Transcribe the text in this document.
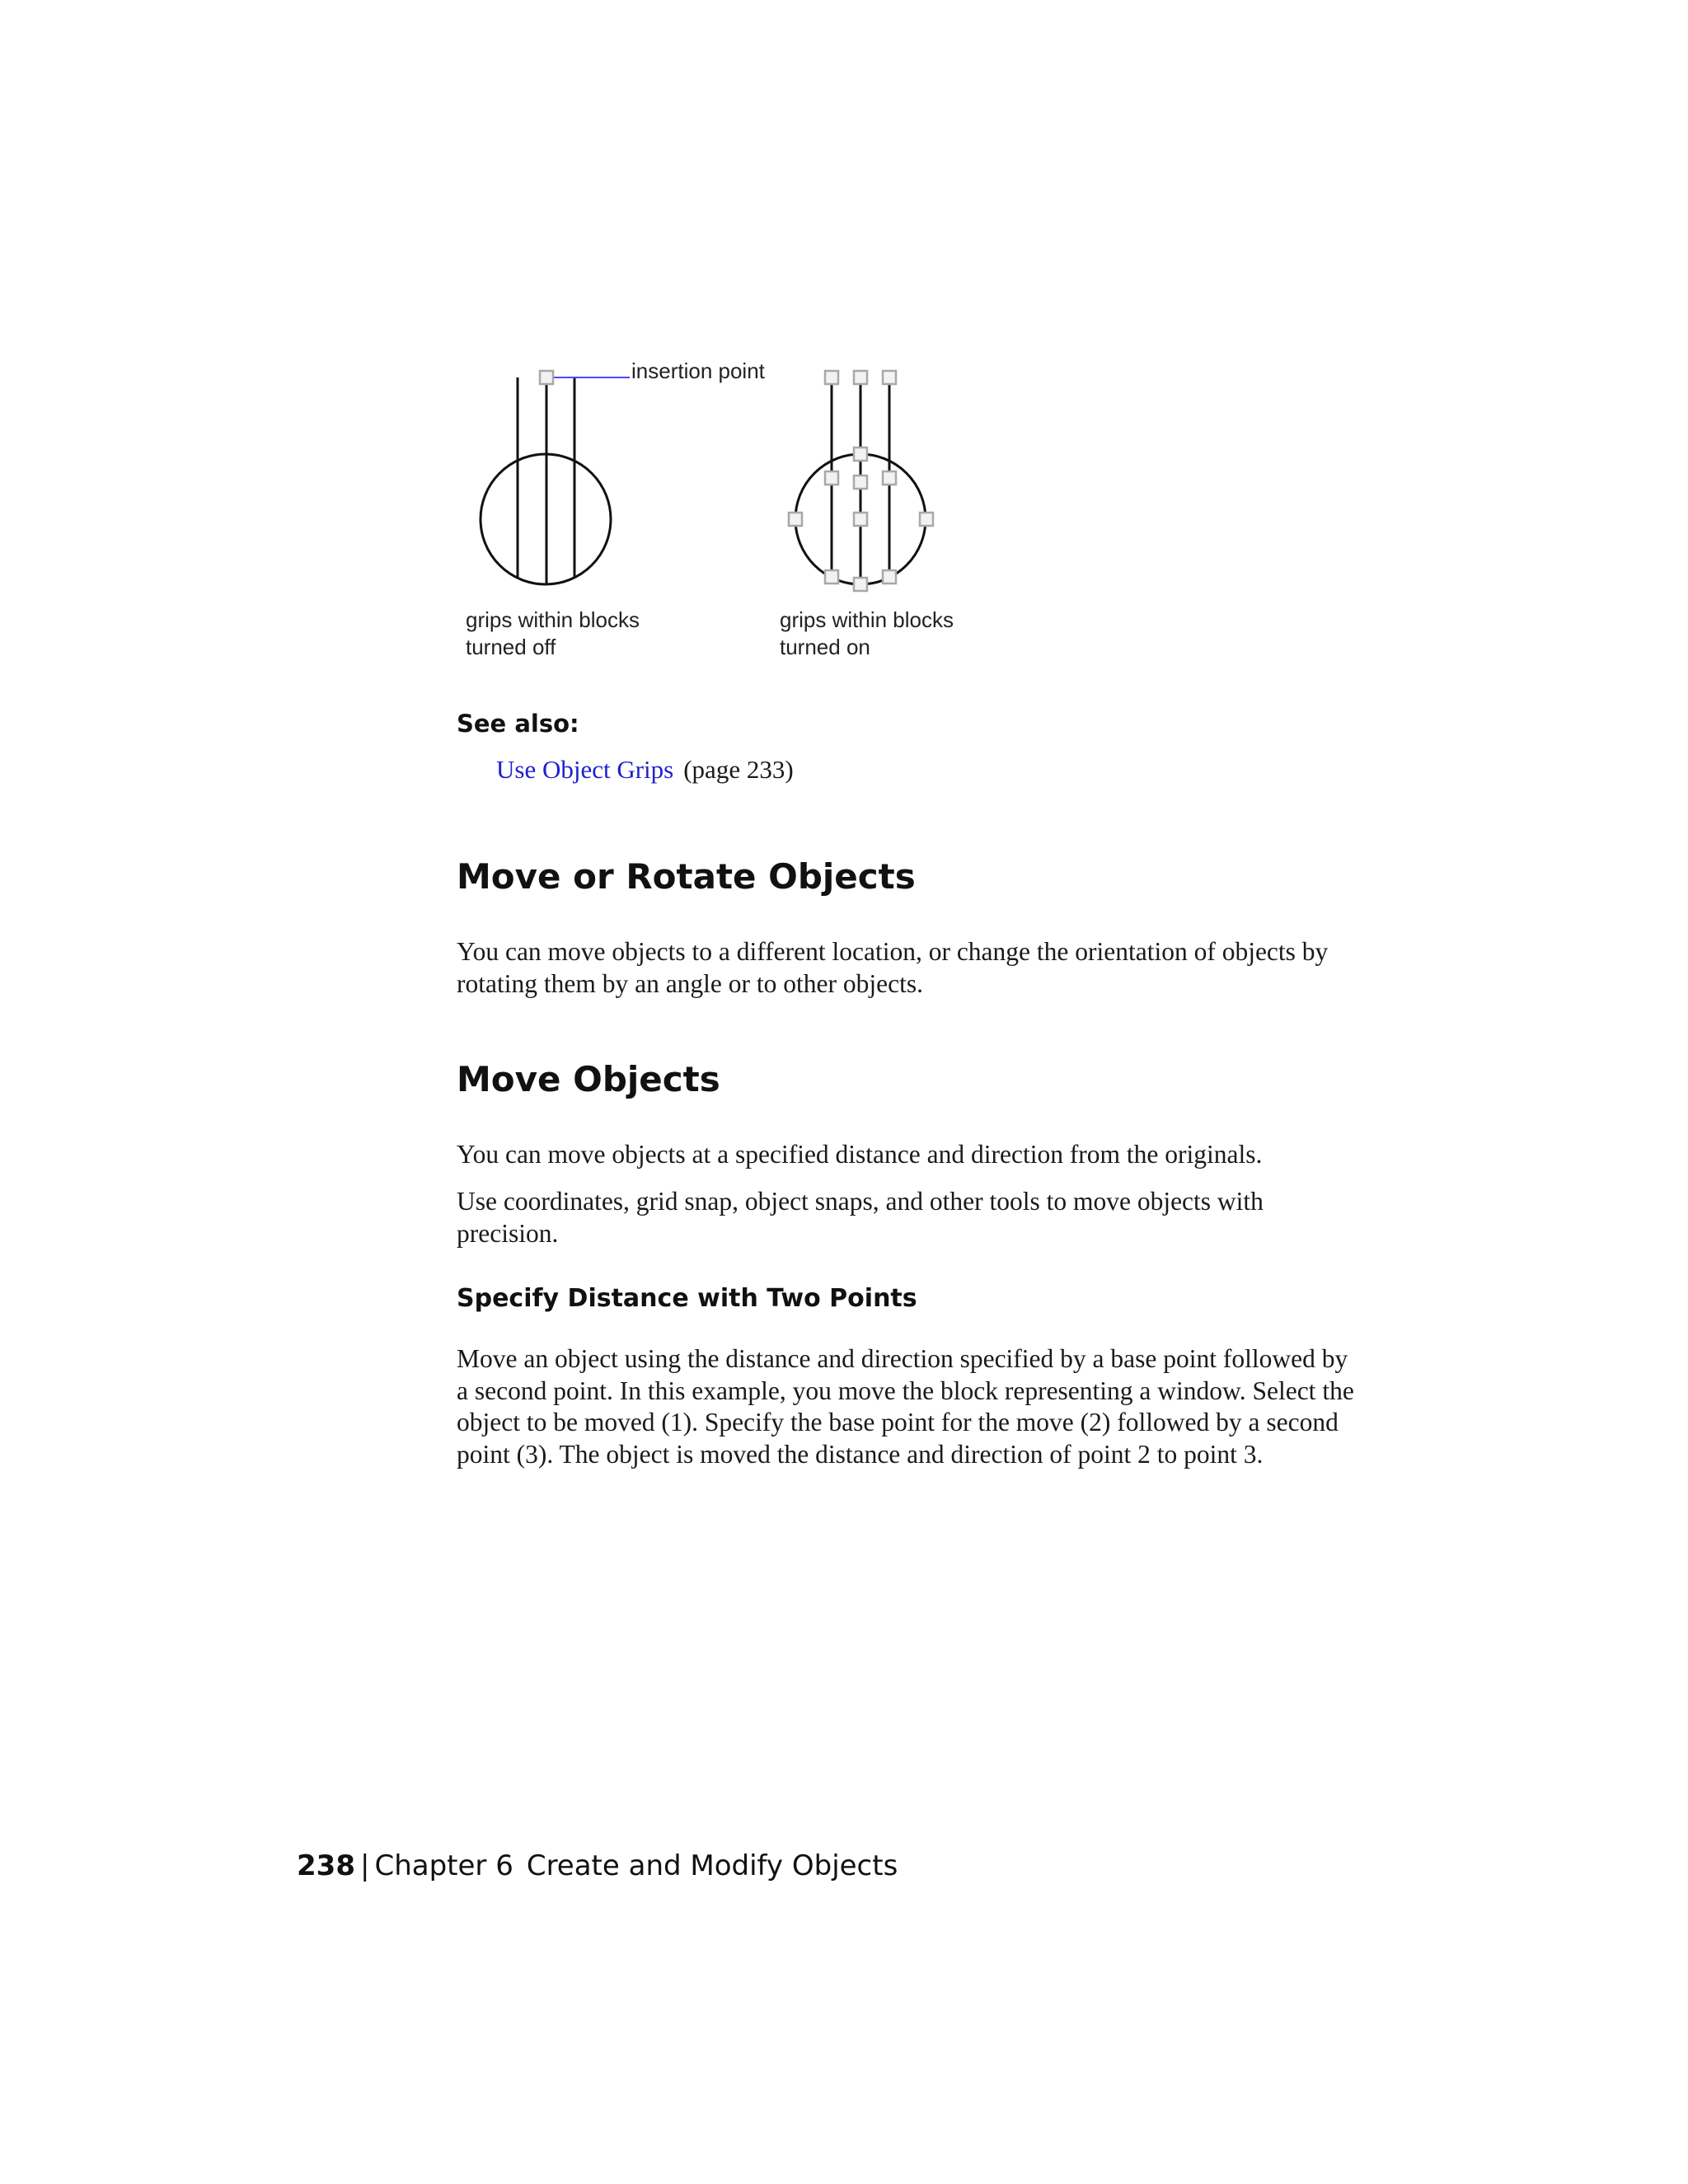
insertion point
grips within blocks
turned off
grips within blocks
turned on
See also:
Use Object Grips (page 233)
Move or Rotate Objects

You can move objects to a different location, or change the orientation of objects by rotating them by an angle or to other objects.

Move Objects

You can move objects at a specified distance and direction from the originals.

Use coordinates, grid snap, object snaps, and other tools to move objects with precision.

Specify Distance with Two Points

Move an object using the distance and direction specified by a base point followed by a second point. In this example, you move the block representing a window. Select the object to be moved (1). Specify the base point for the move (2) followed by a second point (3). The object is moved the distance and direction of point 2 to point 3.

238 | Chapter 6 Create and Modify Objects
